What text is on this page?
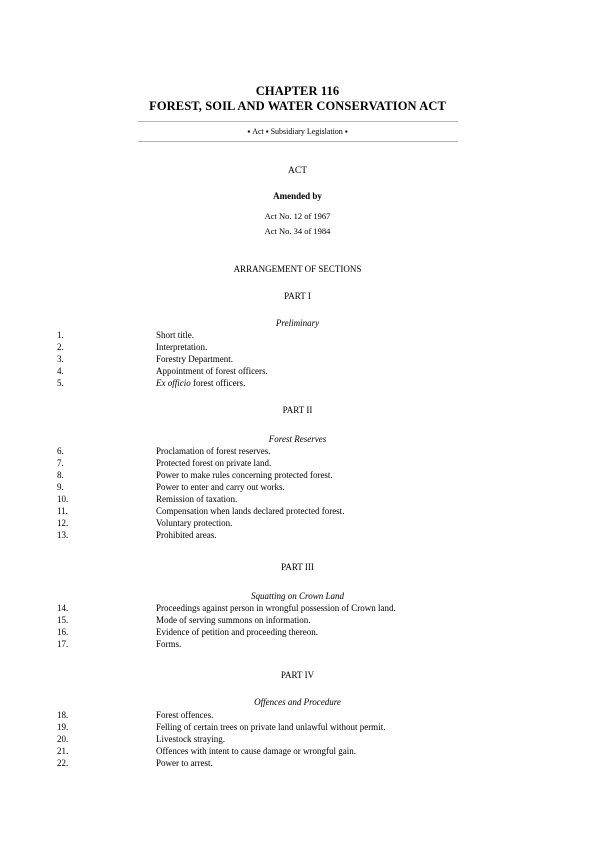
CHAPTER 116
FOREST, SOIL AND WATER CONSERVATION ACT
▪ Act ▪ Subsidiary Legislation ▪
ACT
Amended by
Act No. 12 of 1967
Act No. 34 of 1984
ARRANGEMENT OF SECTIONS
PART I
Preliminary
1.	Short title.
2.	Interpretation.
3.	Forestry Department.
4.	Appointment of forest officers.
5.	Ex officio forest officers.
PART II
Forest Reserves
6.	Proclamation of forest reserves.
7.	Protected forest on private land.
8.	Power to make rules concerning protected forest.
9.	Power to enter and carry out works.
10.	Remission of taxation.
11.	Compensation when lands declared protected forest.
12.	Voluntary protection.
13.	Prohibited areas.
PART III
Squatting on Crown Land
14.	Proceedings against person in wrongful possession of Crown land.
15.	Mode of serving summons on information.
16.	Evidence of petition and proceeding thereon.
17.	Forms.
PART IV
Offences and Procedure
18.	Forest offences.
19.	Felling of certain trees on private land unlawful without permit.
20.	Livestock straying.
21.	Offences with intent to cause damage or wrongful gain.
22.	Power to arrest.
